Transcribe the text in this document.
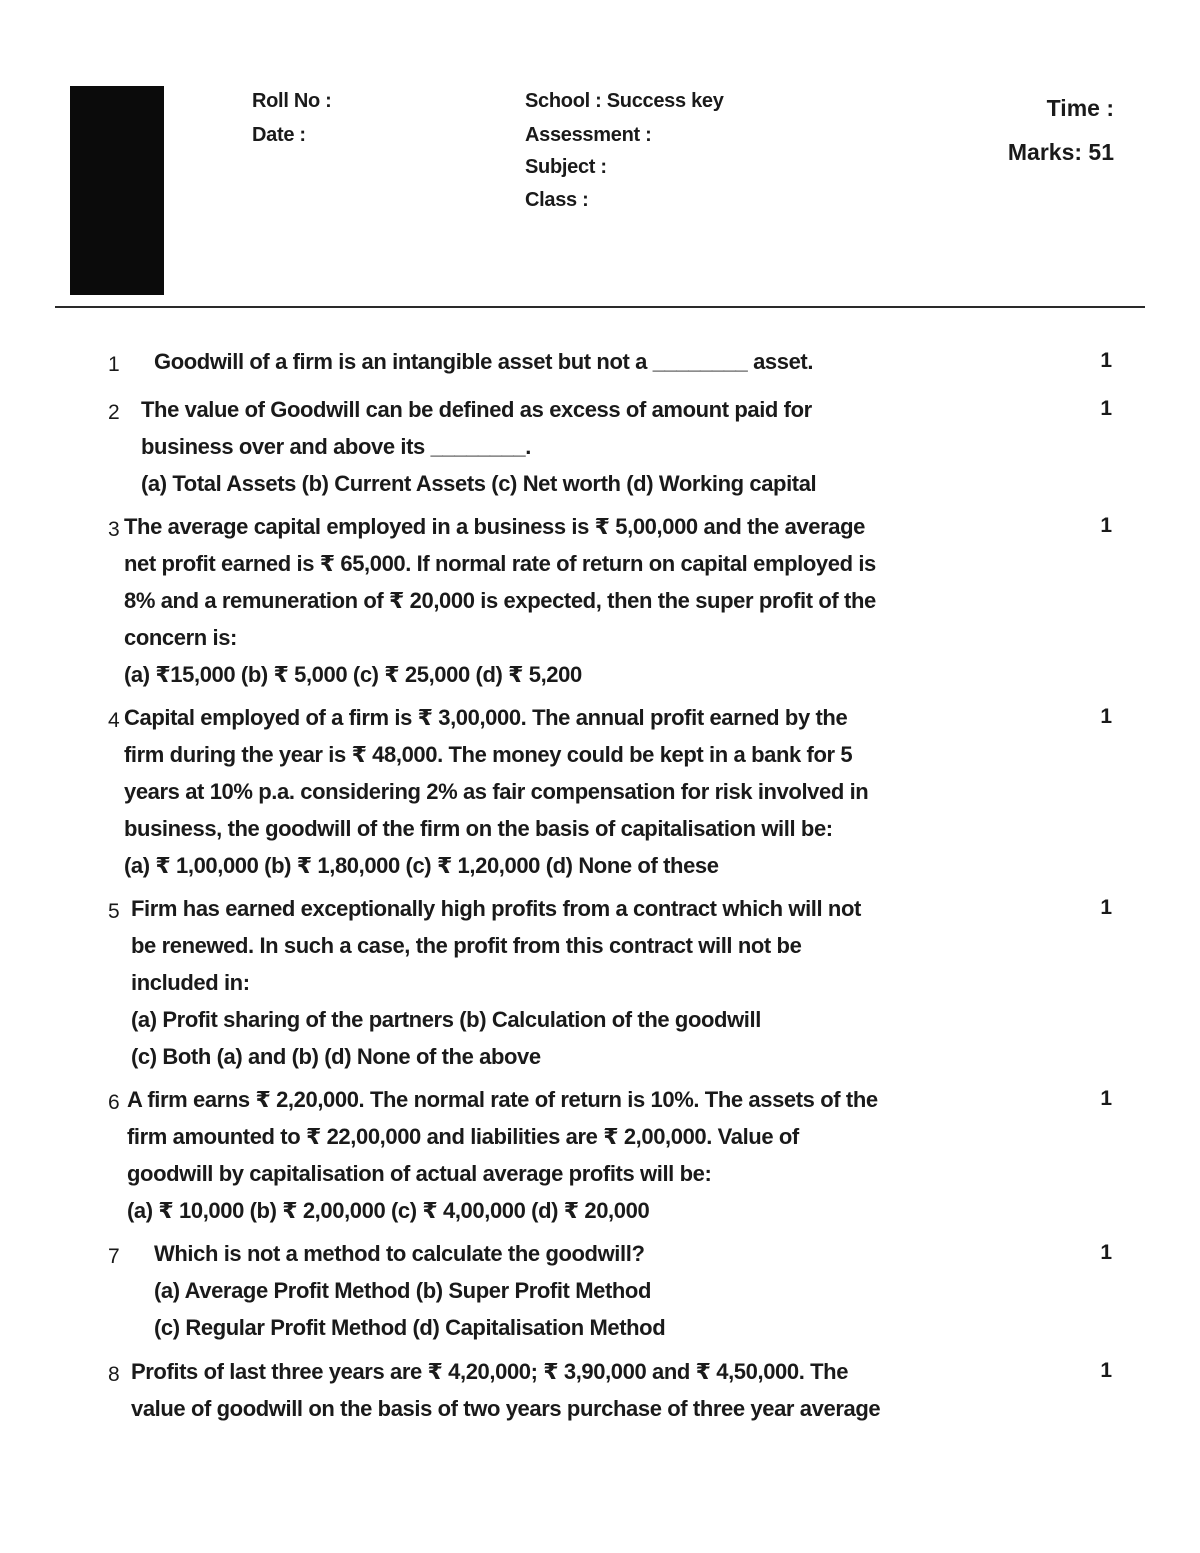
Roll No :
Date :
School : Success key
Assessment :
Subject :
Class :
Time :
Marks: 51
1 Goodwill of a firm is an intangible asset but not a ________ asset.	1
2 The value of Goodwill can be defined as excess of amount paid for
business over and above its ________.
(a) Total Assets (b) Current Assets (c) Net worth (d) Working capital
1
3 The average capital employed in a business is ₹ 5,00,000 and the average
net profit earned is ₹ 65,000. If normal rate of return on capital employed is
8% and a remuneration of ₹ 20,000 is expected, then the super profit of the
concern is:
(a) ₹15,000 (b) ₹ 5,000 (c) ₹ 25,000 (d) ₹ 5,200
1
4 Capital employed of a firm is ₹ 3,00,000. The annual profit earned by the
firm during the year is ₹ 48,000. The money could be kept in a bank for 5
years at 10% p.a. considering 2% as fair compensation for risk involved in
business, the goodwill of the firm on the basis of capitalisation will be:
(a) ₹ 1,00,000 (b) ₹ 1,80,000 (c) ₹ 1,20,000 (d) None of these
1
5 Firm has earned exceptionally high profits from a contract which will not
be renewed. In such a case, the profit from this contract will not be
included in:
(a) Profit sharing of the partners (b) Calculation of the goodwill
(c) Both (a) and (b) (d) None of the above
1
6 A firm earns ₹ 2,20,000. The normal rate of return is 10%. The assets of the
firm amounted to ₹ 22,00,000 and liabilities are ₹ 2,00,000. Value of
goodwill by capitalisation of actual average profits will be:
(a) ₹ 10,000 (b) ₹ 2,00,000 (c) ₹ 4,00,000 (d) ₹ 20,000
1
7 Which is not a method to calculate the goodwill?
(a) Average Profit Method (b) Super Profit Method
(c) Regular Profit Method (d) Capitalisation Method
1
8 Profits of last three years are ₹ 4,20,000; ₹ 3,90,000 and ₹ 4,50,000. The
value of goodwill on the basis of two years purchase of three year average
1
